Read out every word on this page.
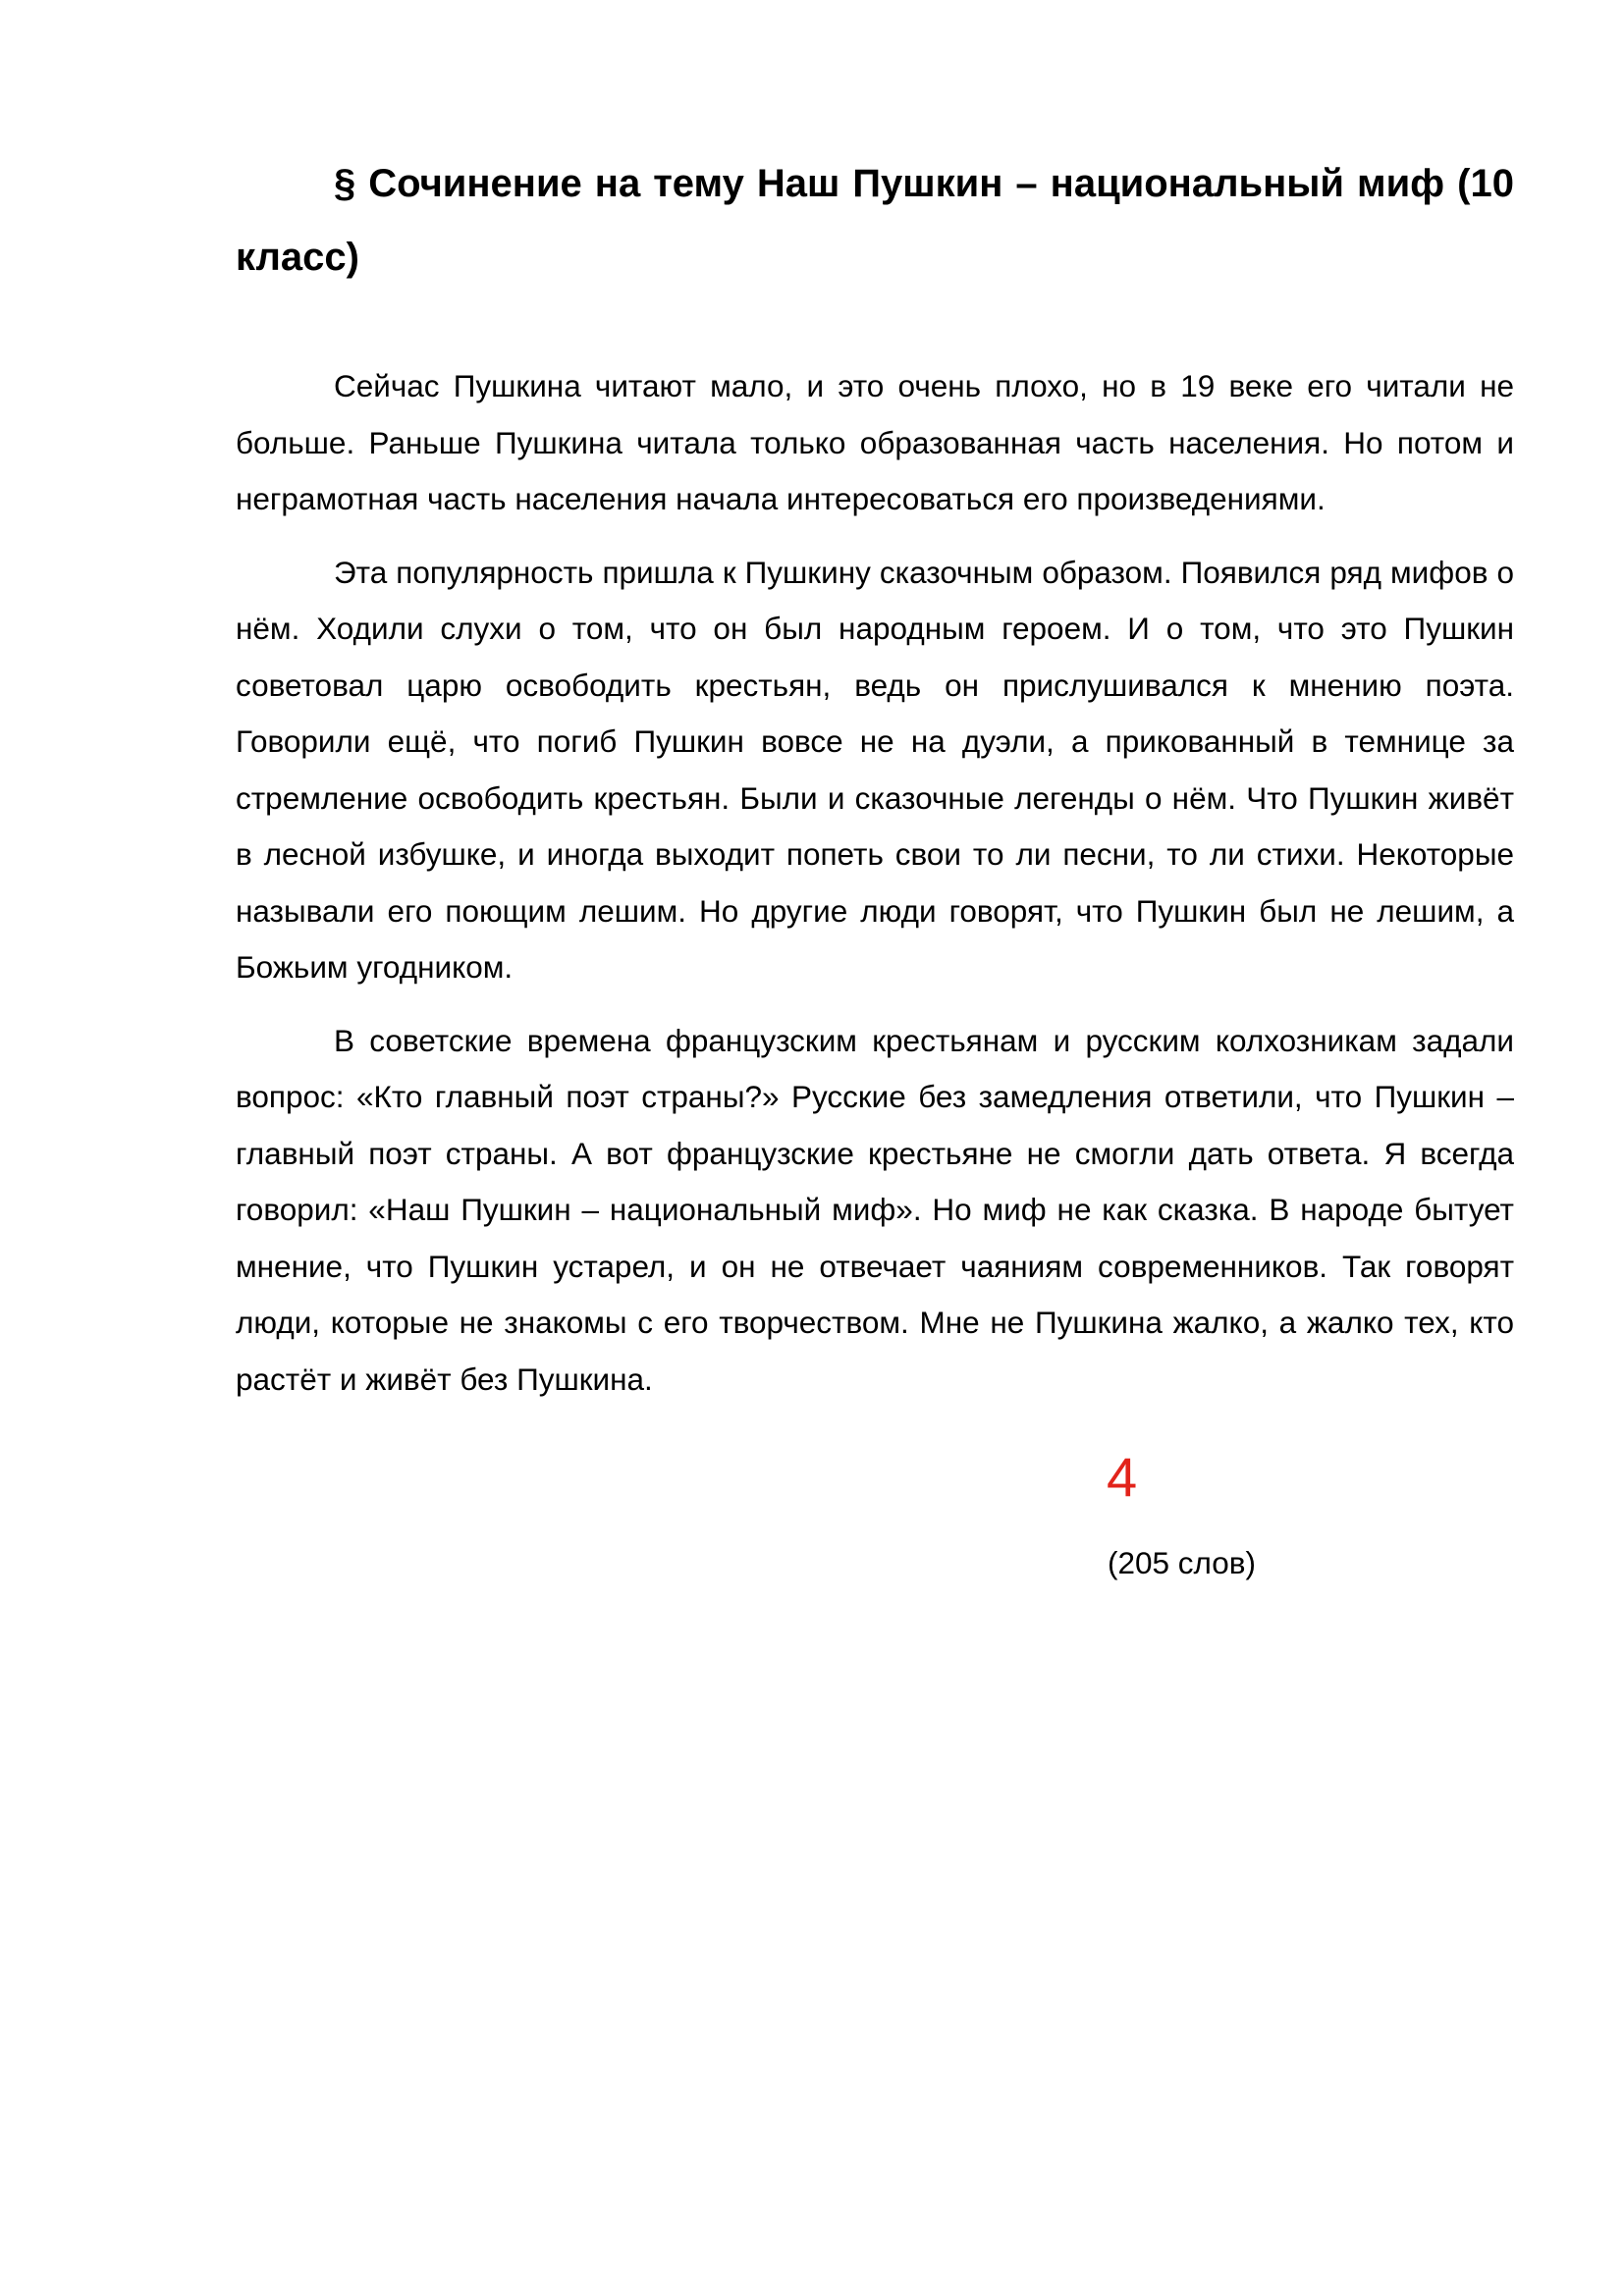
§ Сочинение на тему Наш Пушкин – национальный миф (10 класс)

Сейчас Пушкина читают мало, и это очень плохо, но в 19 веке его читали не больше. Раньше Пушкина читала только образованная часть населения. Но потом и неграмотная часть населения начала интересоваться его произведениями.

Эта популярность пришла к Пушкину сказочным образом. Появился ряд мифов о нём. Ходили слухи о том, что он был народным героем. И о том, что это Пушкин советовал царю освободить крестьян, ведь он прислушивался к мнению поэта. Говорили ещё, что погиб Пушкин вовсе не на дуэли, а прикованный в темнице за стремление освободить крестьян. Были и сказочные легенды о нём. Что Пушкин живёт в лесной избушке, и иногда выходит попеть свои то ли песни, то ли стихи. Некоторые называли его поющим лешим. Но другие люди говорят, что Пушкин был не лешим, а Божьим угодником.

В советские времена французским крестьянам и русским колхозникам задали вопрос: «Кто главный поэт страны?» Русские без замедления ответили, что Пушкин – главный поэт страны. А вот французские крестьяне не смогли дать ответа. Я всегда говорил: «Наш Пушкин – национальный миф». Но миф не как сказка. В народе бытует мнение, что Пушкин устарел, и он не отвечает чаяниям современников. Так говорят люди, которые не знакомы с его творчеством. Мне не Пушкина жалко, а жалко тех, кто растёт и живёт без Пушкина.

4
(205 слов)
